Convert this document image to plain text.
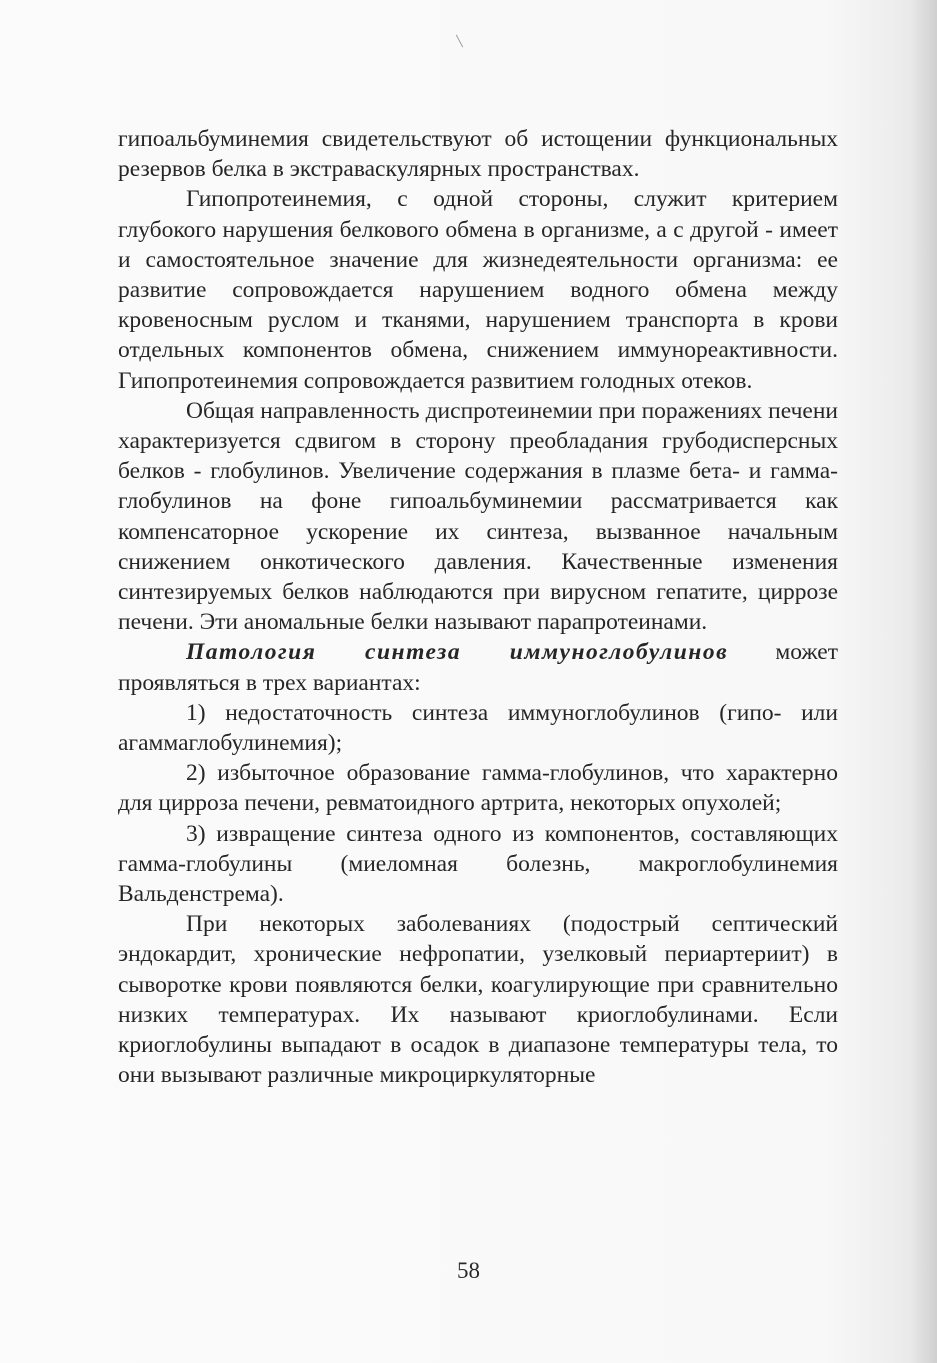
гипоальбуминемия свидетельствуют об истощении функциональных резервов белка в экстраваскулярных пространствах.

Гипопротеинемия, с одной стороны, служит критерием глубокого нарушения белкового обмена в организме, а с другой - имеет и самостоятельное значение для жизнедеятельности организма: ее развитие сопровождается нарушением водного обмена между кровеносным руслом и тканями, нарушением транспорта в крови отдельных компонентов обмена, снижением иммунореактивности. Гипопротеинемия сопровождается развитием голодных отеков.

Общая направленность диспротеинемии при поражениях печени характеризуется сдвигом в сторону преобладания грубодисперсных белков - глобулинов. Увеличение содержания в плазме бета- и гамма-глобулинов на фоне гипоальбуминемии рассматривается как компенсаторное ускорение их синтеза, вызванное начальным снижением онкотического давления. Качественные изменения синтезируемых белков наблюдаются при вирусном гепатите, циррозе печени. Эти аномальные белки называют парапротеинами.

Патология синтеза иммуноглобулинов может проявляться в трех вариантах:

1) недостаточность синтеза иммуноглобулинов (гипо- или агаммаглобулинемия);

2) избыточное образование гамма-глобулинов, что характерно для цирроза печени, ревматоидного артрита, некоторых опухолей;

3) извращение синтеза одного из компонентов, составляющих гамма-глобулины (миеломная болезнь, макроглобулинемия Вальденстрема).

При некоторых заболеваниях (подострый септический эндокардит, хронические нефропатии, узелковый периартериит) в сыворотке крови появляются белки, коагулирующие при сравнительно низких температурах. Их называют криоглобулинами. Если криоглобулины выпадают в осадок в диапазоне температуры тела, то они вызывают различные микроциркуляторные

58
